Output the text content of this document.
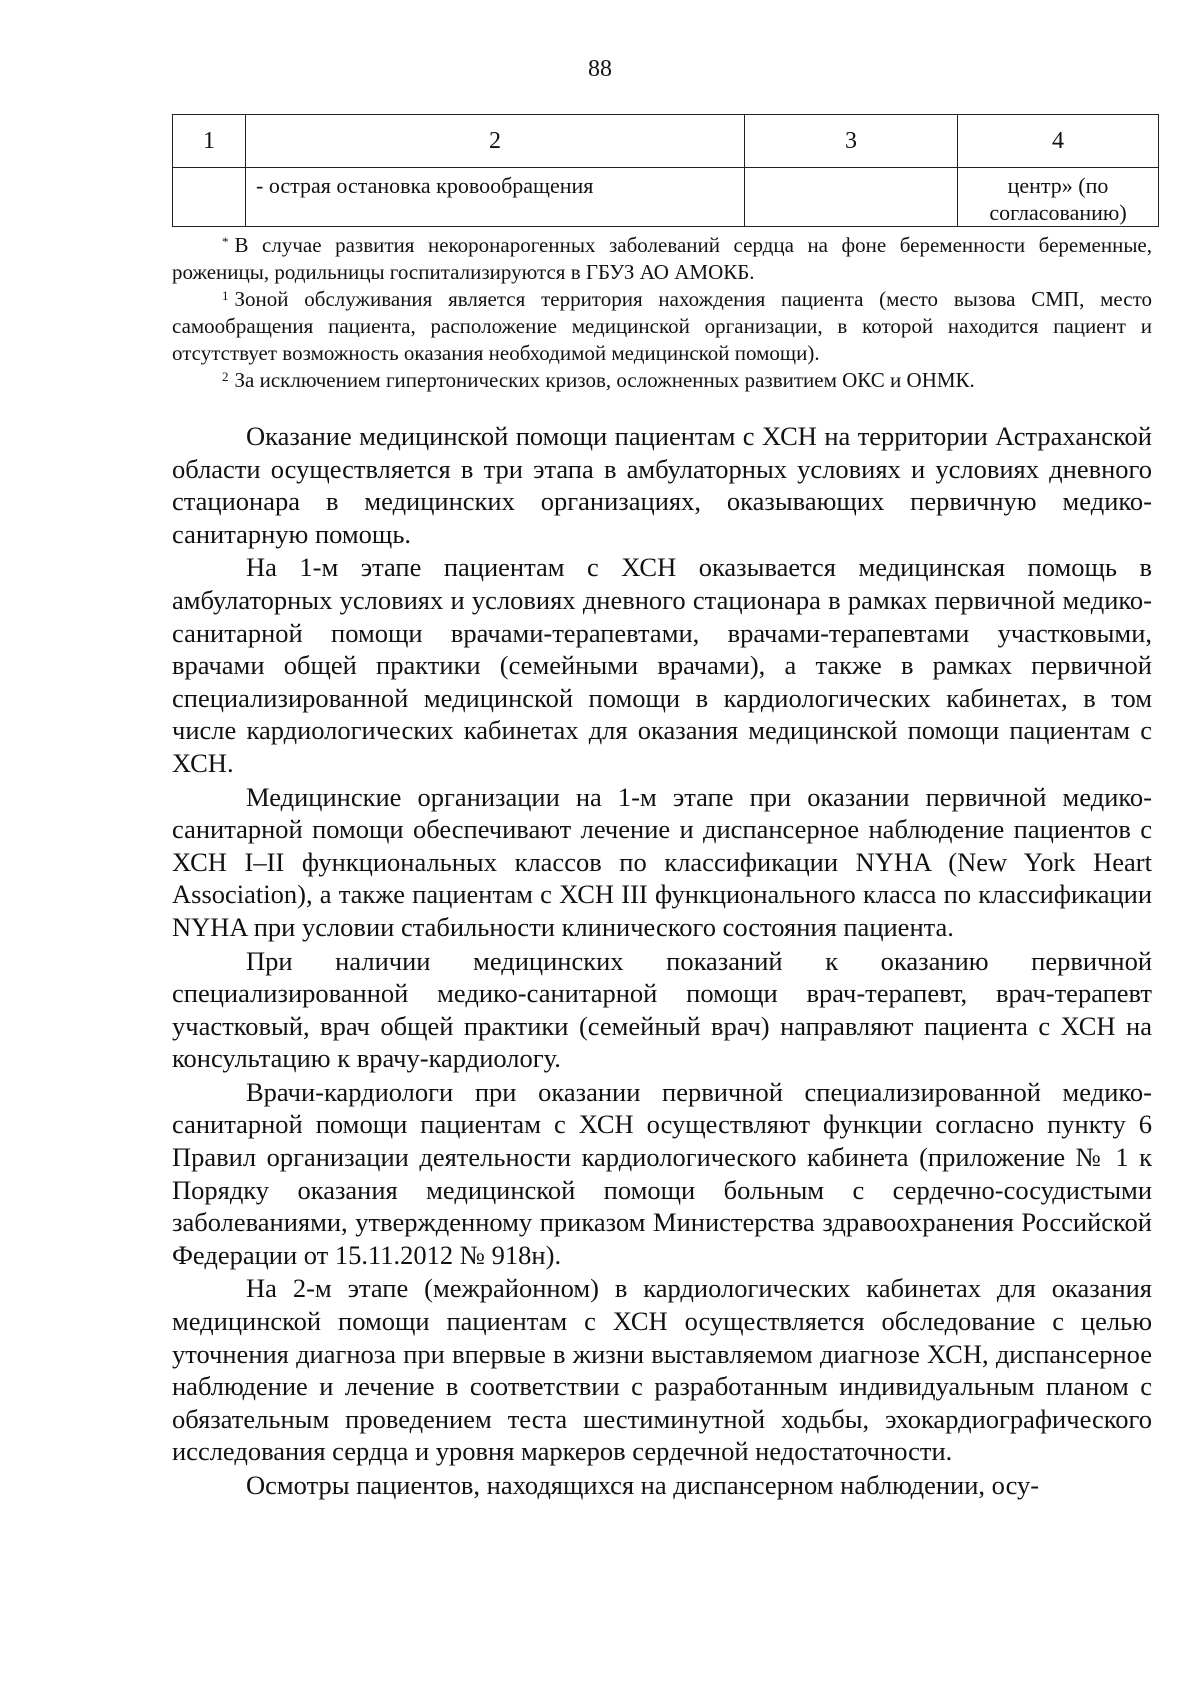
88
1	2	3	4

	- острая остановка кровообращения		центр» (по
согласованию)

* В случае развития некоронарогенных заболеваний сердца на фоне беременности беременные, роженицы, родильницы госпитализируются в ГБУЗ АО АМОКБ.

$^1$ Зоной обслуживания является территория нахождения пациента (место вызова СМП, место самообращения пациента, расположение медицинской организации, в которой находится пациент и отсутствует возможность оказания необходимой медицинской помощи).

$^2$ За исключением гипертонических кризов, осложненных развитием ОКС и ОНМК.

Оказание медицинской помощи пациентам с ХСН на территории Астраханской области осуществляется в три этапа в амбулаторных условиях и условиях дневного стационара в медицинских организациях, оказывающих первичную медико-санитарную помощь.

На 1-м этапе пациентам с ХСН оказывается медицинская помощь в амбулаторных условиях и условиях дневного стационара в рамках первичной медико-санитарной помощи врачами-терапевтами, врачами-терапевтами участковыми, врачами общей практики (семейными врачами), а также в рамках первичной специализированной медицинской помощи в кардиологических кабинетах, в том числе кардиологических кабинетах для оказания медицинской помощи пациентам с ХСН.

Медицинские организации на 1-м этапе при оказании первичной медико-санитарной помощи обеспечивают лечение и диспансерное наблюдение пациентов с ХСН I–II функциональных классов по классификации NYHA (New York Heart Association), а также пациентам с ХСН III функционального класса по классификации NYHA при условии стабильности клинического состояния пациента.

При наличии медицинских показаний к оказанию первичной специализированной медико-санитарной помощи врач-терапевт, врач-терапевт участковый, врач общей практики (семейный врач) направляют пациента с ХСН на консультацию к врачу-кардиологу.

Врачи-кардиологи при оказании первичной специализированной медико-санитарной помощи пациентам с ХСН осуществляют функции согласно пункту 6 Правил организации деятельности кардиологического кабинета (приложение № 1 к Порядку оказания медицинской помощи больным с сердечно-сосудистыми заболеваниями, утвержденному приказом Министерства здравоохранения Российской Федерации от 15.11.2012 № 918н).

На 2-м этапе (межрайонном) в кардиологических кабинетах для оказания медицинской помощи пациентам с ХСН осуществляется обследование с целью уточнения диагноза при впервые в жизни выставляемом диагнозе ХСН, диспансерное наблюдение и лечение в соответствии с разработанным индивидуальным планом с обязательным проведением теста шестиминутной ходьбы, эхокардиографического исследования сердца и уровня маркеров сердечной недостаточности.

Осмотры пациентов, находящихся на диспансерном наблюдении, осу-
